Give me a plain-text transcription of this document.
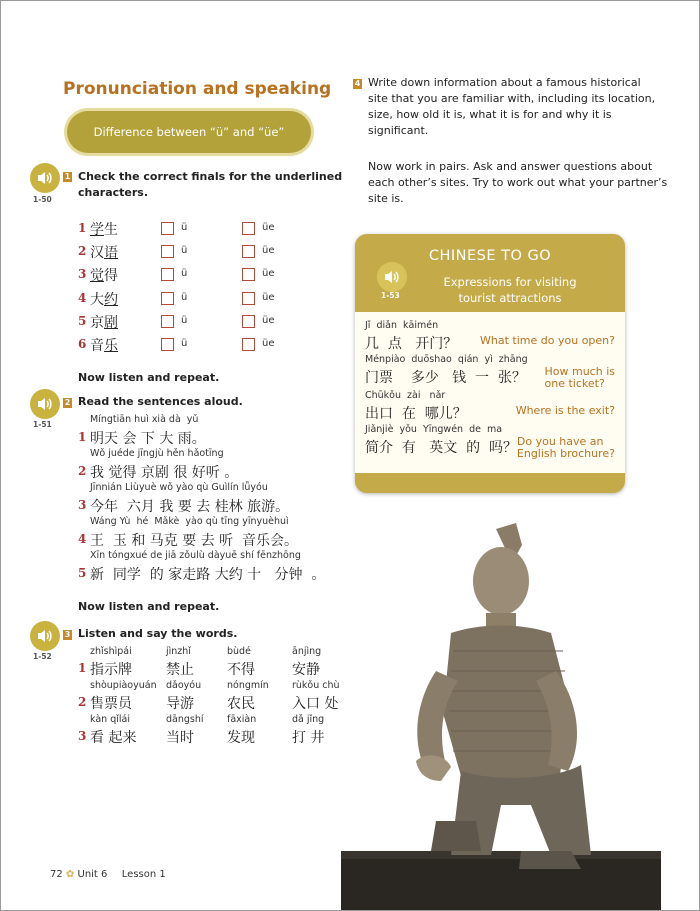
Pronunciation and speaking
Difference between “ü” and “üe”
1-50
1 Check the correct finals for the underlined
characters.
1 学生	ü	üe
2 汉语	ü	üe
3 觉得	ü	üe
4 大约	ü	üe
5 京剧	ü	üe
6 音乐	ü	üe
Now listen and repeat.
1-51
2 Read the sentences aloud.
Míngtiān huì xià dà  yǔ
1 明天 会 下 大 雨。
Wǒ juéde jīngjù hěn hǎotīng
2 我 觉得 京剧 很 好听 。
Jīnnián Liùyuè wǒ yào qù Guìlín lǚyóu
3 今年  六月 我 要 去 桂林 旅游。
Wáng Yù  hé  Mǎkè  yào qù tīng yīnyuèhuì
4 王  玉 和 马克 要 去 听  音乐会。
Xīn tóngxué de jiā zǒulù dàyuē shí fēnzhōng
5 新  同学  的 家走路 大约 十   分钟  。
Now listen and repeat.
1-52
3 Listen and say the words.
1
zhǐshìpái
指示牌
jìnzhǐ
禁止
bùdé
不得
ānjìng
安静
2
shòupiàoyuán
售票员
dǎoyóu
导游
nóngmín
农民
rùkǒu chù
入口 处
3
kàn qǐlái
看 起来
dāngshí
当时
fāxiàn
发现
dǎ jǐng
打 井
4 Write down information about a famous historical
site that you are familiar with, including its location,
size, how old it is, what it is for and why it is
significant.
Now work in pairs. Ask and answer questions about
each other’s sites. Try to work out what your partner’s
site is.
CHINESE TO GO
1-53
Expressions for visiting
tourist attractions
Jǐ  diǎn  kāimén
几  点   开门？ What time do you open?
Ménpiào  duōshao  qián  yì  zhāng
门票    多少   钱  一  张？ How much is
one ticket?
Chūkǒu  zài   nǎr
出口  在  哪儿？	Where is the exit?
Jiǎnjiè  yǒu  Yīngwén  de  ma
简介  有   英文  的  吗？ Do you have an
English brochure?
72 ✿ Unit 6 Lesson 1
